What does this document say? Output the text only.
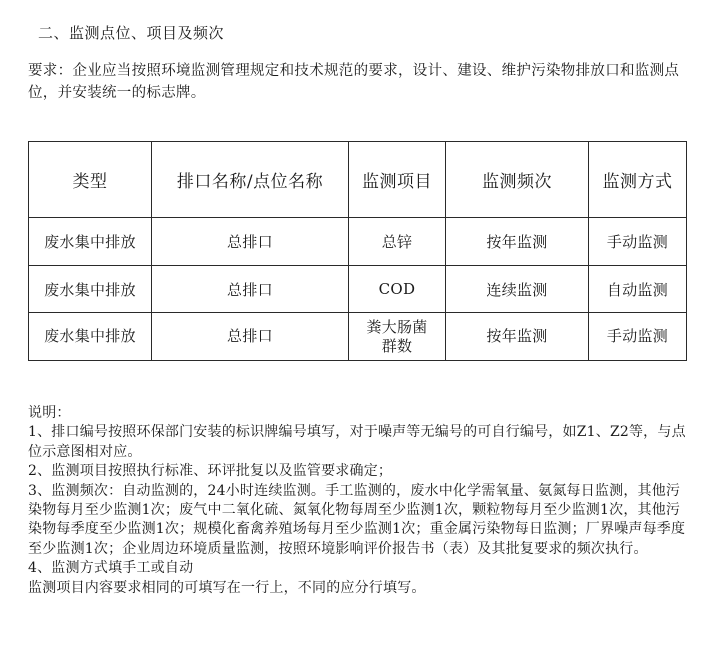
二、监测点位、项目及频次
要求：企业应当按照环境监测管理规定和技术规范的要求，设计、建设、维护污染物排放口和监测点位，并安装统一的标志牌。
类型	排口名称/点位名称	监测项目	监测频次	监测方式
废水集中排放	总排口	总锌	按年监测	手动监测
废水集中排放	总排口	COD	连续监测	自动监测
废水集中排放	总排口	粪大肠菌群数	按年监测	手动监测
说明：
1、排口编号按照环保部门安装的标识牌编号填写，对于噪声等无编号的可自行编号，如Z1、Z2等，与点位示意图相对应。
2、监测项目按照执行标准、环评批复以及监管要求确定；
3、监测频次：自动监测的，24小时连续监测。手工监测的，废水中化学需氧量、氨氮每日监测，其他污染物每月至少监测1次；废气中二氧化硫、氮氧化物每周至少监测1次，颗粒物每月至少监测1次，其他污染物每季度至少监测1次；规模化畜禽养殖场每月至少监测1次；重金属污染物每日监测；厂界噪声每季度至少监测1次；企业周边环境质量监测，按照环境影响评价报告书（表）及其批复要求的频次执行。
4、监测方式填手工或自动
监测项目内容要求相同的可填写在一行上，不同的应分行填写。
